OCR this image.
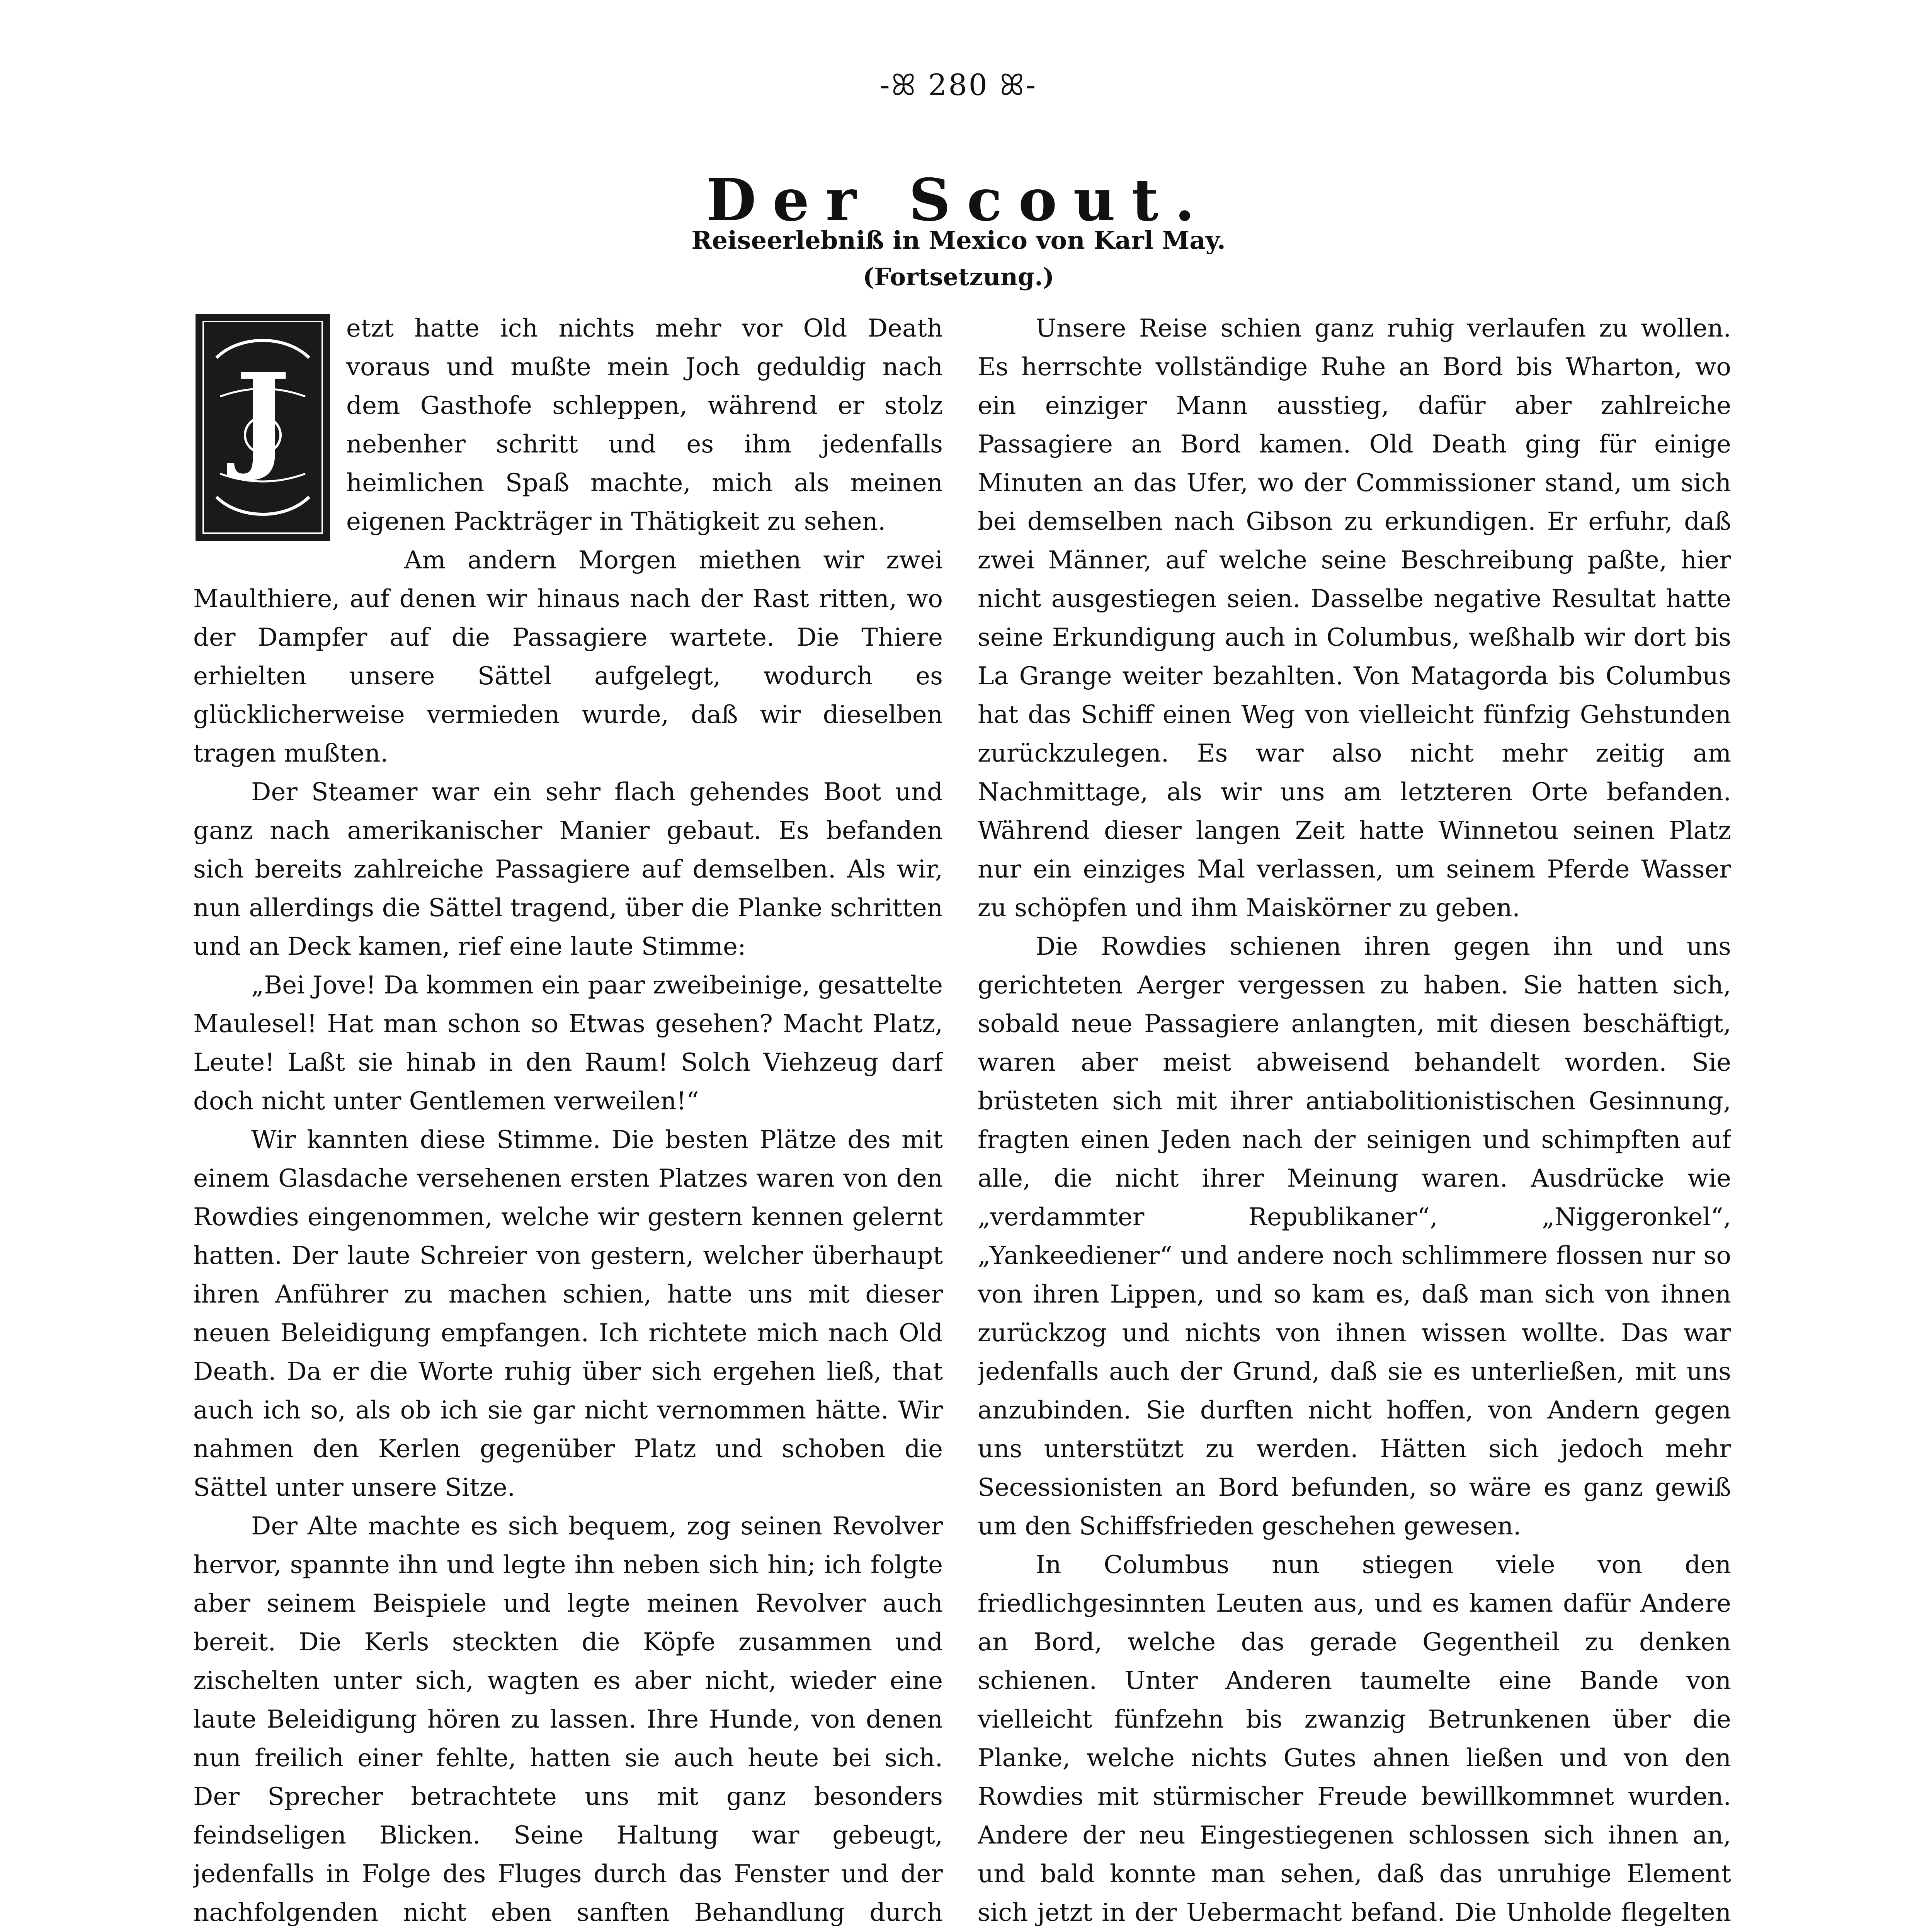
-ꕤ 280 ꕤ-
Der Scout.
Reiseerlebniß in Mexico von Karl May.
(Fortsetzung.)
J

etzt hatte ich nichts mehr vor Old Death voraus und mußte mein Joch geduldig nach dem Gasthofe schleppen, während er stolz nebenher schritt und es ihm jedenfalls heimlichen Spaß machte, mich als meinen eigenen Packträger in Thätigkeit zu sehen.

Am andern Morgen miethen wir zwei Maulthiere, auf denen wir hinaus nach der Rast ritten, wo der Dampfer auf die Passagiere wartete. Die Thiere erhielten unsere Sättel aufgelegt, wodurch es glücklicherweise vermieden wurde, daß wir dieselben tragen mußten.

Der Steamer war ein sehr flach gehendes Boot und ganz nach amerikanischer Manier gebaut. Es befanden sich bereits zahlreiche Passagiere auf demselben. Als wir, nun allerdings die Sättel tragend, über die Planke schritten und an Deck kamen, rief eine laute Stimme:

„Bei Jove! Da kommen ein paar zweibeinige, gesattelte Maulesel! Hat man schon so Etwas gesehen? Macht Platz, Leute! Laßt sie hinab in den Raum! Solch Viehzeug darf doch nicht unter Gentlemen verweilen!“

Wir kannten diese Stimme. Die besten Plätze des mit einem Glasdache versehenen ersten Platzes waren von den Rowdies eingenommen, welche wir gestern kennen gelernt hatten. Der laute Schreier von gestern, welcher überhaupt ihren Anführer zu machen schien, hatte uns mit dieser neuen Beleidigung empfangen. Ich richtete mich nach Old Death. Da er die Worte ruhig über sich ergehen ließ, that auch ich so, als ob ich sie gar nicht vernommen hätte. Wir nahmen den Kerlen gegenüber Platz und schoben die Sättel unter unsere Sitze.

Der Alte machte es sich bequem, zog seinen Revolver hervor, spannte ihn und legte ihn neben sich hin; ich folgte aber seinem Beispiele und legte meinen Revolver auch bereit. Die Kerls steckten die Köpfe zusammen und zischelten unter sich, wagten es aber nicht, wieder eine laute Beleidigung hören zu lassen. Ihre Hunde, von denen nun freilich einer fehlte, hatten sie auch heute bei sich. Der Sprecher betrachtete uns mit ganz besonders feindseligen Blicken. Seine Haltung war gebeugt, jedenfalls in Folge des Fluges durch das Fenster und der nachfolgenden nicht eben sanften Behandlung durch

Unsere Reise schien ganz ruhig verlaufen zu wollen. Es herrschte vollständige Ruhe an Bord bis Wharton, wo ein einziger Mann ausstieg, dafür aber zahlreiche Passagiere an Bord kamen. Old Death ging für einige Minuten an das Ufer, wo der Commissioner stand, um sich bei demselben nach Gibson zu erkundigen. Er erfuhr, daß zwei Männer, auf welche seine Beschreibung paßte, hier nicht ausgestiegen seien. Dasselbe negative Resultat hatte seine Erkundigung auch in Columbus, weßhalb wir dort bis La Grange weiter bezahlten. Von Matagorda bis Columbus hat das Schiff einen Weg von vielleicht fünfzig Gehstunden zurückzulegen. Es war also nicht mehr zeitig am Nachmittage, als wir uns am letzteren Orte befanden. Während dieser langen Zeit hatte Winnetou seinen Platz nur ein einziges Mal verlassen, um seinem Pferde Wasser zu schöpfen und ihm Maiskörner zu geben.

Die Rowdies schienen ihren gegen ihn und uns gerichteten Aerger vergessen zu haben. Sie hatten sich, sobald neue Passagiere anlangten, mit diesen beschäftigt, waren aber meist abweisend behandelt worden. Sie brüsteten sich mit ihrer antiabolitionistischen Gesinnung, fragten einen Jeden nach der seinigen und schimpften auf alle, die nicht ihrer Meinung waren. Ausdrücke wie „verdammter Republikaner“, „Niggeronkel“, „Yankeediener“ und andere noch schlimmere flossen nur so von ihren Lippen, und so kam es, daß man sich von ihnen zurückzog und nichts von ihnen wissen wollte. Das war jedenfalls auch der Grund, daß sie es unterließen, mit uns anzubinden. Sie durften nicht hoffen, von Andern gegen uns unterstützt zu werden. Hätten sich jedoch mehr Secessionisten an Bord befunden, so wäre es ganz gewiß um den Schiffsfrieden geschehen gewesen.

In Columbus nun stiegen viele von den friedlichgesinnten Leuten aus, und es kamen dafür Andere an Bord, welche das gerade Gegentheil zu denken schienen. Unter Anderen taumelte eine Bande von vielleicht fünfzehn bis zwanzig Betrunkenen über die Planke, welche nichts Gutes ahnen ließen und von den Rowdies mit stürmischer Freude bewillkommnet wurden. Andere der neu Eingestiegenen schlossen sich ihnen an, und bald konnte man sehen, daß das unruhige Element sich jetzt in der Uebermacht befand. Die Unholde flegelten
